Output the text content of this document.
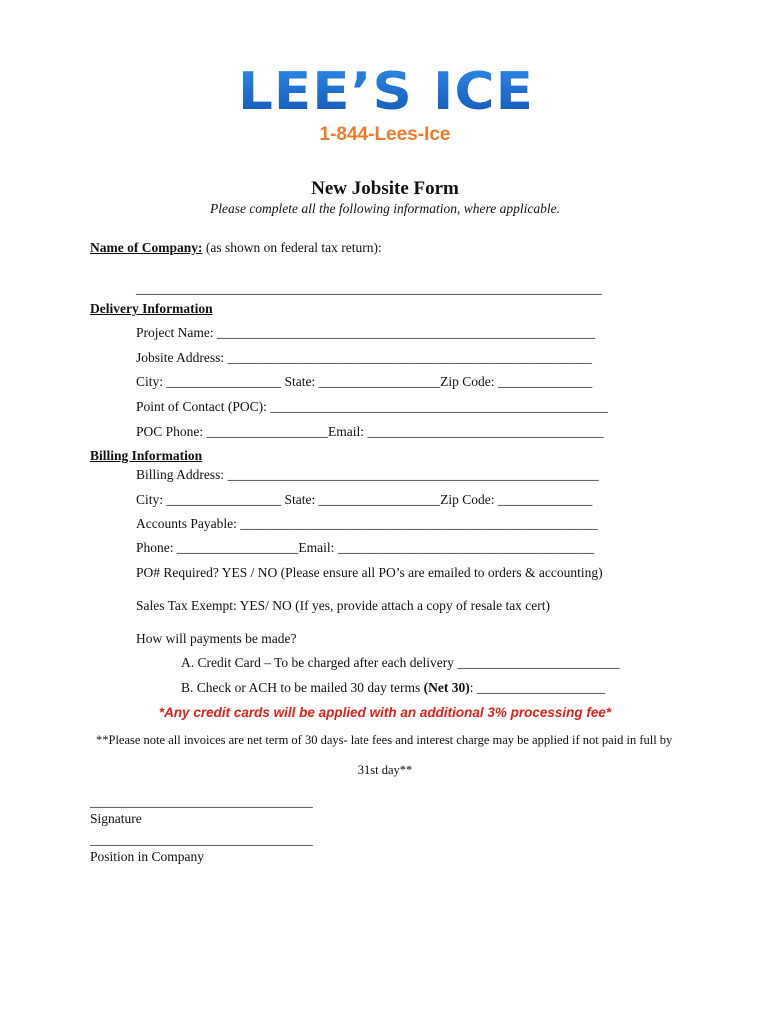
LEE’S ICE
1-844-Lees-Ice
New Jobsite Form
Please complete all the following information, where applicable.
Name of Company: (as shown on federal tax return):
_____________________________________________________________________
Delivery Information
Project Name: ________________________________________________________
Jobsite Address: ______________________________________________________
City: _________________ State: __________________Zip Code: ______________
Point of Contact (POC): __________________________________________________
POC Phone: __________________Email: ___________________________________
Billing Information
Billing Address: _______________________________________________________
City: _________________ State: __________________Zip Code: ______________
Accounts Payable: _____________________________________________________
Phone: __________________Email: ______________________________________
PO# Required? YES / NO (Please ensure all PO’s are emailed to orders & accounting)
Sales Tax Exempt: YES/ NO (If yes, provide attach a copy of resale tax cert)
How will payments be made?
A. Credit Card – To be charged after each delivery ________________________
B. Check or ACH to be mailed 30 day terms (Net 30): ___________________
*Any credit cards will be applied with an additional 3% processing fee*
**Please note all invoices are net term of 30 days- late fees and interest charge may be applied if not paid in full by
31st day**
_________________________________
Signature
_________________________________
Position in Company
